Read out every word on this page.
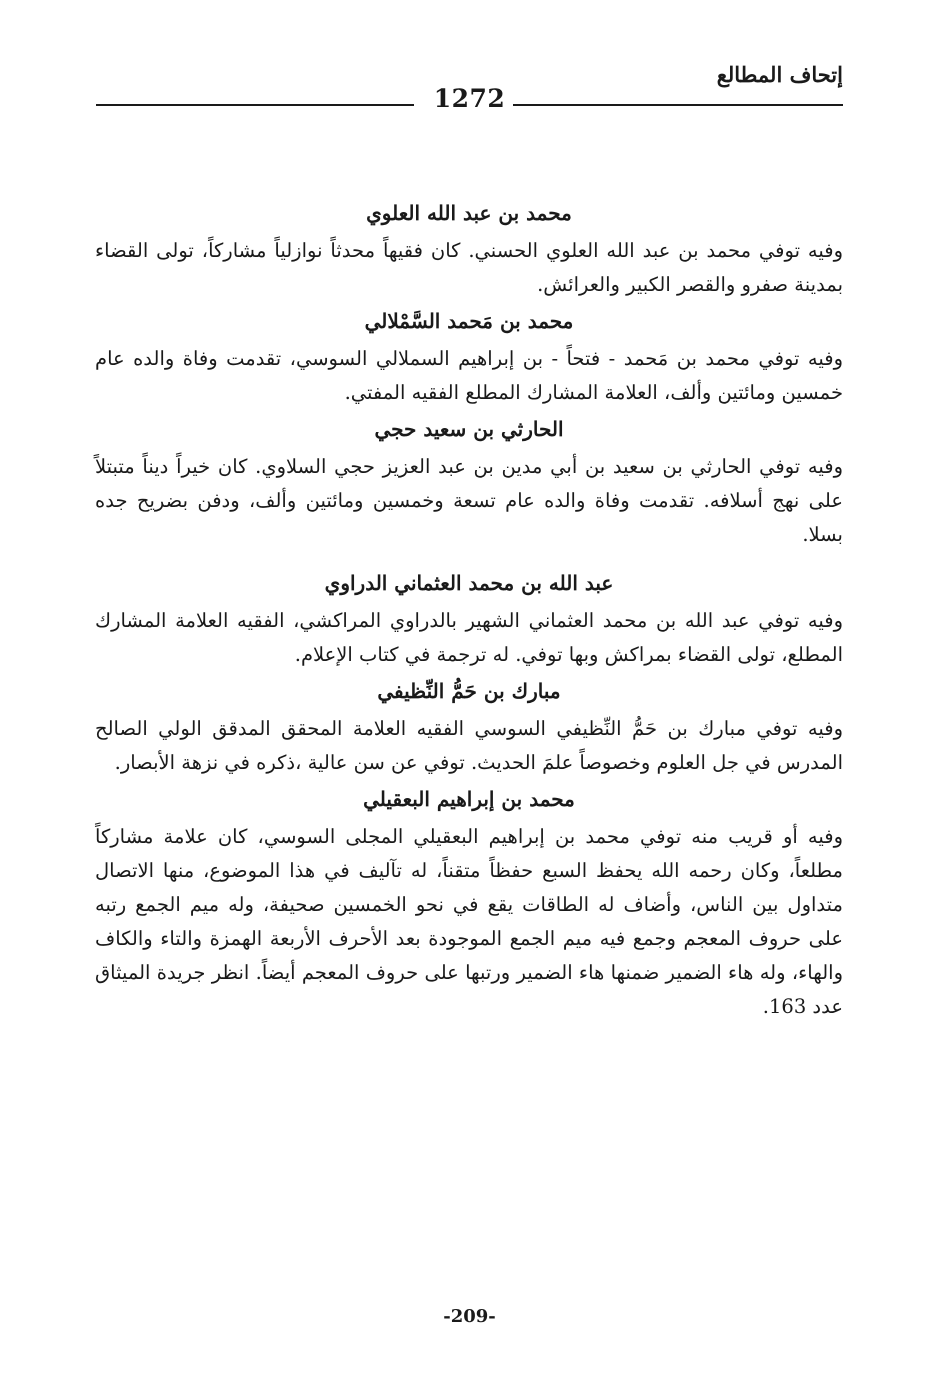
إتحاف المطالع
1272

محمد بن عبد الله العلوي

وفيه توفي محمد بن عبد الله العلوي الحسني. كان فقيهاً محدثاً نوازلياً مشاركاً، تولى القضاء بمدينة صفرو والقصر الكبير والعرائش.

محمد بن مَحمد السَّمْلالي

وفيه توفي محمد بن مَحمد - فتحاً - بن إبراهيم السملالي السوسي، تقدمت وفاة والده عام خمسين ومائتين وألف، العلامة المشارك المطلع الفقيه المفتي.

الحارثي بن سعيد حجي

وفيه توفي الحارثي بن سعيد بن أبي مدين بن عبد العزيز حجي السلاوي. كان خيراً ديناً متبتلاً على نهج أسلافه. تقدمت وفاة والده عام تسعة وخمسين ومائتين وألف، ودفن بضريح جده بسلا.

عبد الله بن محمد العثماني الدراوي

وفيه توفي عبد الله بن محمد العثماني الشهير بالدراوي المراكشي، الفقيه العلامة المشارك المطلع، تولى القضاء بمراكش وبها توفي. له ترجمة في كتاب الإعلام.

مبارك بن حَمُّ النِّظيفي

وفيه توفي مبارك بن حَمُّ النِّظيفي السوسي الفقيه العلامة المحقق المدقق الولي الصالح المدرس في جل العلوم وخصوصاً علمَ الحديث. توفي عن سن عالية ،ذكره في نزهة الأبصار.

محمد بن إبراهيم البعقيلي

وفيه أو قريب منه توفي محمد بن إبراهيم البعقيلي المجلى السوسي، كان علامة مشاركاً مطلعاً، وكان رحمه الله يحفظ السبع حفظاً متقناً، له تآليف في هذا الموضوع، منها الاتصال متداول بين الناس، وأضاف له الطاقات يقع في نحو الخمسين صحيفة، وله ميم الجمع رتبه على حروف المعجم وجمع فيه ميم الجمع الموجودة بعد الأحرف الأربعة الهمزة والتاء والكاف والهاء، وله هاء الضمير ضمنها هاء الضمير ورتبها على حروف المعجم أيضاً. انظر جريدة الميثاق عدد 163.

-209-
